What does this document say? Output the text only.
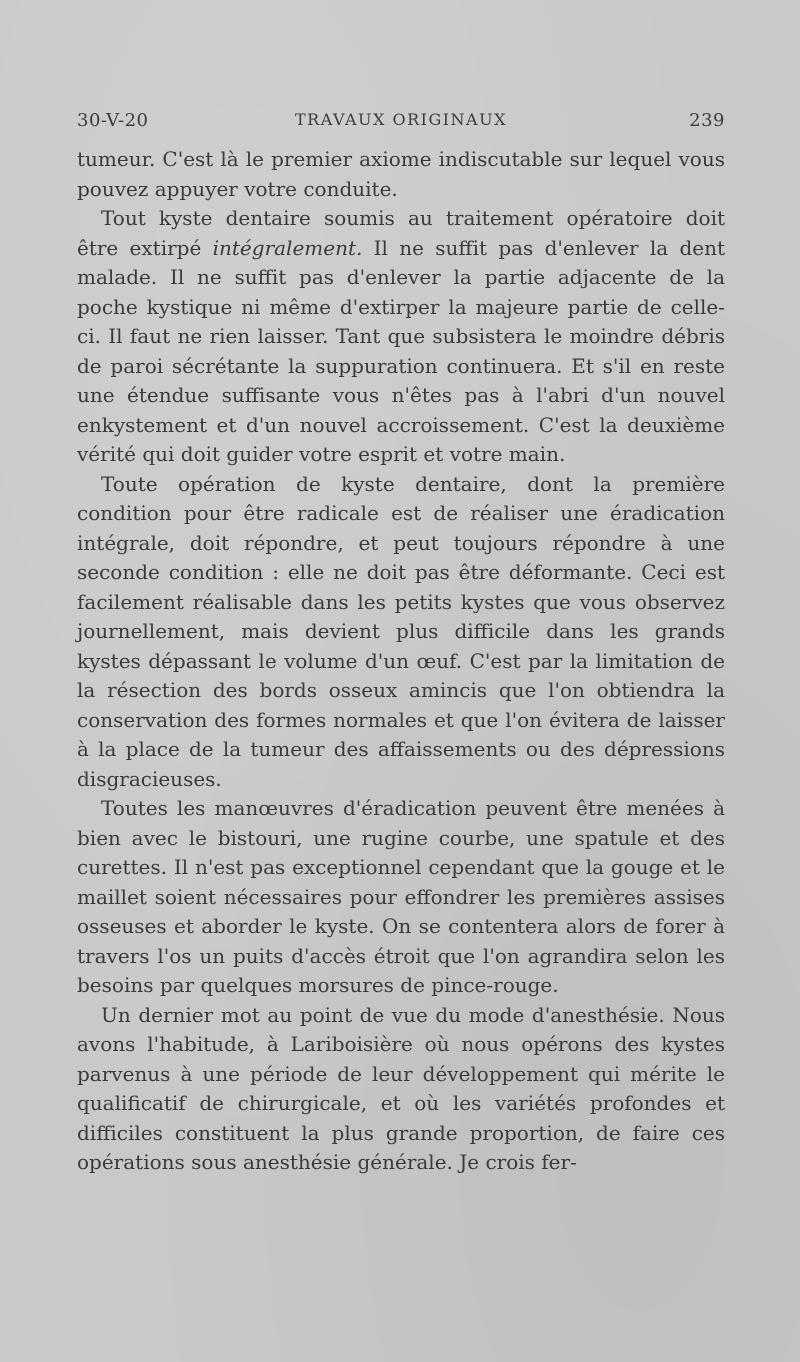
30-V-20	TRAVAUX ORIGINAUX	239

tumeur. C'est là le premier axiome indiscutable sur lequel vous pouvez appuyer votre conduite.

Tout kyste dentaire soumis au traitement opératoire doit être extirpé intégralement. Il ne suffit pas d'enlever la dent malade. Il ne suffit pas d'enlever la partie adjacente de la poche kystique ni même d'extirper la majeure partie de celle-ci. Il faut ne rien laisser. Tant que subsistera le moindre débris de paroi sécrétante la suppuration continuera. Et s'il en reste une étendue suffisante vous n'êtes pas à l'abri d'un nouvel enkystement et d'un nouvel accroissement. C'est la deuxième vérité qui doit guider votre esprit et votre main.

Toute opération de kyste dentaire, dont la première condition pour être radicale est de réaliser une éradication intégrale, doit répondre, et peut toujours répondre à une seconde condition : elle ne doit pas être déformante. Ceci est facilement réalisable dans les petits kystes que vous observez journellement, mais devient plus difficile dans les grands kystes dépassant le volume d'un œuf. C'est par la limitation de la résection des bords osseux amincis que l'on obtiendra la conservation des formes normales et que l'on évitera de laisser à la place de la tumeur des affaissements ou des dépressions disgracieuses.

Toutes les manœuvres d'éradication peuvent être menées à bien avec le bistouri, une rugine courbe, une spatule et des curettes. Il n'est pas exceptionnel cependant que la gouge et le maillet soient nécessaires pour effondrer les premières assises osseuses et aborder le kyste. On se contentera alors de forer à travers l'os un puits d'accès étroit que l'on agrandira selon les besoins par quelques morsures de pince-rouge.

Un dernier mot au point de vue du mode d'anesthésie. Nous avons l'habitude, à Lariboisière où nous opérons des kystes parvenus à une période de leur développement qui mérite le qualificatif de chirurgicale, et où les variétés profondes et difficiles constituent la plus grande proportion, de faire ces opérations sous anesthésie générale. Je crois fer-
